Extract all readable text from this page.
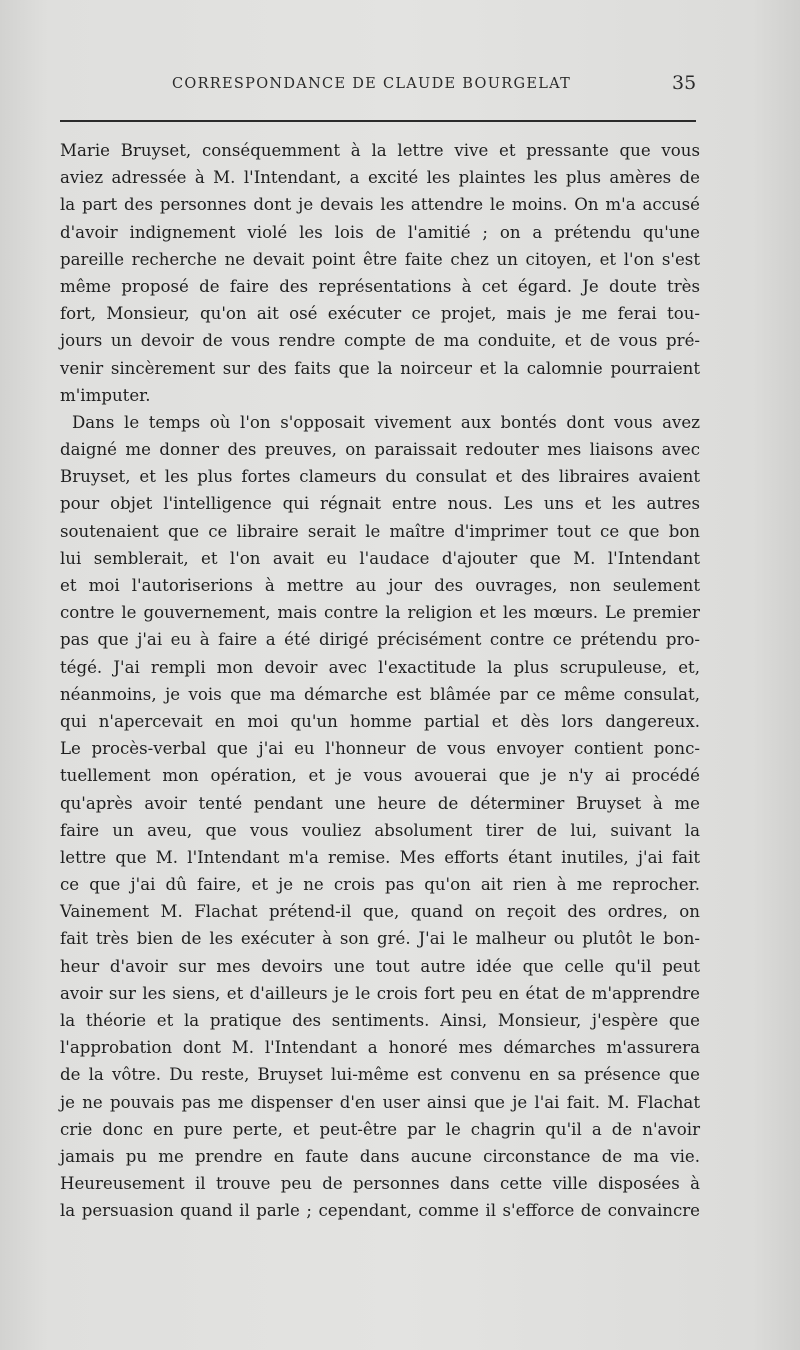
CORRESPONDANCE DE CLAUDE BOURGELAT	35
Marie Bruyset, conséquemment à la lettre vive et pressante que vous
aviez adressée à M. l'Intendant, a excité les plaintes les plus amères de
la part des personnes dont je devais les attendre le moins. On m'a accusé
d'avoir indignement violé les lois de l'amitié ; on a prétendu qu'une
pareille recherche ne devait point être faite chez un citoyen, et l'on s'est
même proposé de faire des représentations à cet égard. Je doute très
fort, Monsieur, qu'on ait osé exécuter ce projet, mais je me ferai tou-
jours un devoir de vous rendre compte de ma conduite, et de vous pré-
venir sincèrement sur des faits que la noirceur et la calomnie pourraient
m'imputer.
Dans le temps où l'on s'opposait vivement aux bontés dont vous avez
daigné me donner des preuves, on paraissait redouter mes liaisons avec
Bruyset, et les plus fortes clameurs du consulat et des libraires avaient
pour objet l'intelligence qui régnait entre nous. Les uns et les autres
soutenaient que ce libraire serait le maître d'imprimer tout ce que bon
lui semblerait, et l'on avait eu l'audace d'ajouter que M. l'Intendant
et moi l'autoriserions à mettre au jour des ouvrages, non seulement
contre le gouvernement, mais contre la religion et les mœurs. Le premier
pas que j'ai eu à faire a été dirigé précisément contre ce prétendu pro-
tégé. J'ai rempli mon devoir avec l'exactitude la plus scrupuleuse, et,
néanmoins, je vois que ma démarche est blâmée par ce même consulat,
qui n'apercevait en moi qu'un homme partial et dès lors dangereux.
Le procès-verbal que j'ai eu l'honneur de vous envoyer contient ponc-
tuellement mon opération, et je vous avouerai que je n'y ai procédé
qu'après avoir tenté pendant une heure de déterminer Bruyset à me
faire un aveu, que vous vouliez absolument tirer de lui, suivant la
lettre que M. l'Intendant m'a remise. Mes efforts étant inutiles, j'ai fait
ce que j'ai dû faire, et je ne crois pas qu'on ait rien à me reprocher.
Vainement M. Flachat prétend-il que, quand on reçoit des ordres, on
fait très bien de les exécuter à son gré. J'ai le malheur ou plutôt le bon-
heur d'avoir sur mes devoirs une tout autre idée que celle qu'il peut
avoir sur les siens, et d'ailleurs je le crois fort peu en état de m'apprendre
la théorie et la pratique des sentiments. Ainsi, Monsieur, j'espère que
l'approbation dont M. l'Intendant a honoré mes démarches m'assurera
de la vôtre. Du reste, Bruyset lui-même est convenu en sa présence que
je ne pouvais pas me dispenser d'en user ainsi que je l'ai fait. M. Flachat
crie donc en pure perte, et peut-être par le chagrin qu'il a de n'avoir
jamais pu me prendre en faute dans aucune circonstance de ma vie.
Heureusement il trouve peu de personnes dans cette ville disposées à
la persuasion quand il parle ; cependant, comme il s'efforce de convaincre
